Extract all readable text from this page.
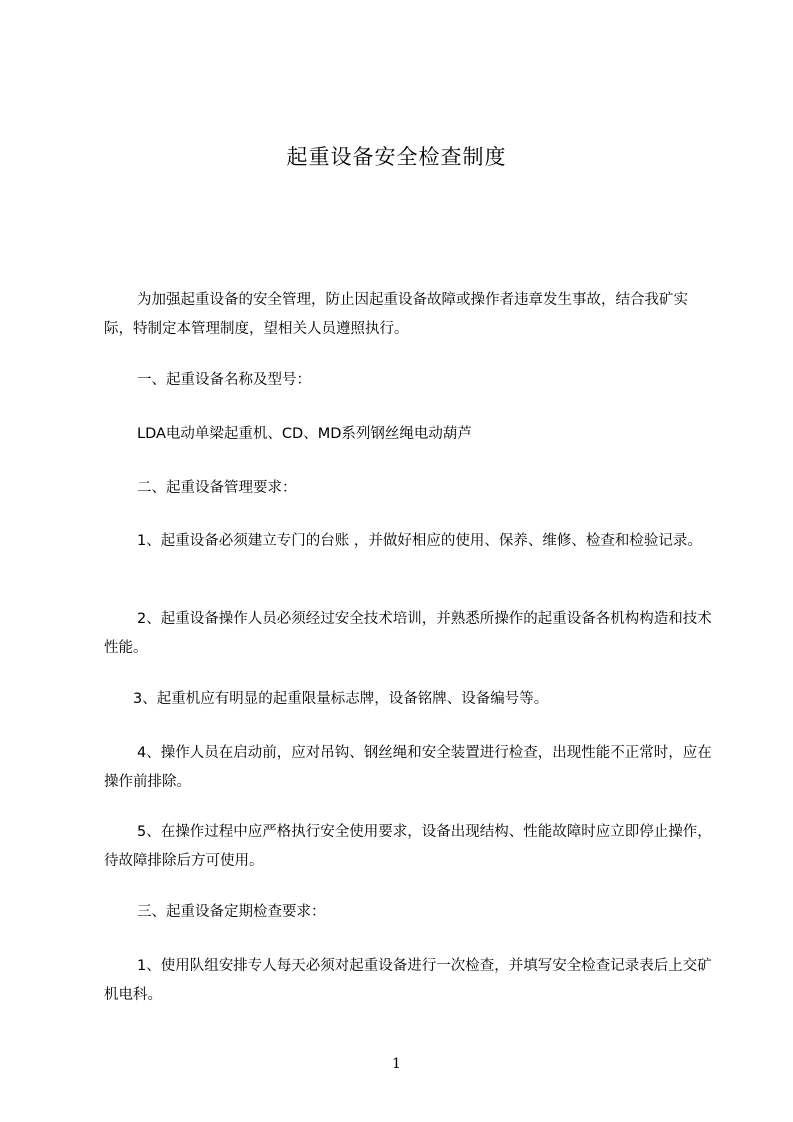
起重设备安全检查制度

为加强起重设备的安全管理，防止因起重设备故障或操作者违章发生事故，结合我矿实际，特制定本管理制度，望相关人员遵照执行。

一、起重设备名称及型号：

LDA电动单梁起重机、CD、MD系列钢丝绳电动葫芦

二、起重设备管理要求：

1、起重设备必须建立专门的台账 ，并做好相应的使用、保养、维修、检查和检验记录。

2、起重设备操作人员必须经过安全技术培训，并熟悉所操作的起重设备各机构构造和技术性能。

3、起重机应有明显的起重限量标志牌，设备铭牌、设备编号等。

4、操作人员在启动前，应对吊钩、钢丝绳和安全装置进行检查，出现性能不正常时，应在操作前排除。

5、在操作过程中应严格执行安全使用要求，设备出现结构、性能故障时应立即停止操作，待故障排除后方可使用。

三、起重设备定期检查要求：

1、使用队组安排专人每天必须对起重设备进行一次检查，并填写安全检查记录表后上交矿机电科。

1
